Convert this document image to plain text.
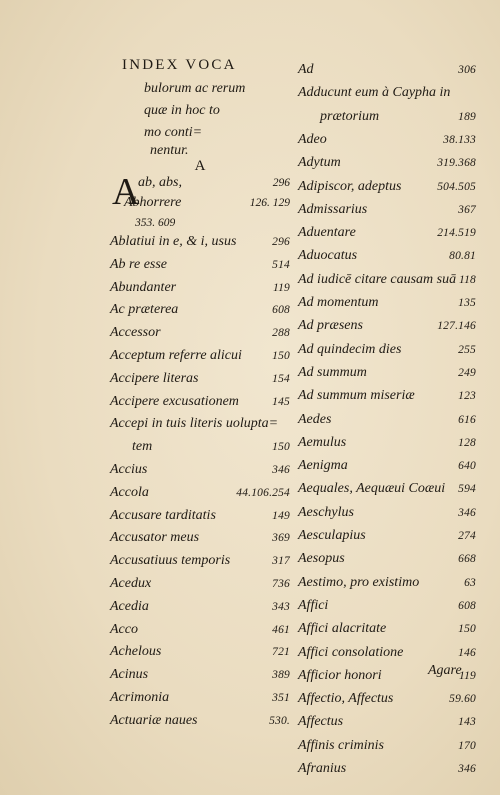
INDEX VOCA
bulorum ac rerum
quæ in hoc to
mo conti=
nentur.
A
A
ab, abs,	296
Abhorrere	126. 129
353. 609
Ablatiui in e, & i, usus	296
Ab re esse	514
Abundanter	119
Ac præterea	608
Accessor	288
Acceptum referre alicui	150
Accipere literas	154
Accipere excusationem	145
Accepi in tuis literis uolupta=
tem	150
Accius	346
Accola	44.106.254
Accusare tarditatis	149
Accusator meus	369
Accusatiuus temporis	317
Acedux	736
Acedia	343
Acco	461
Achelous	721
Acinus	389
Acrimonia	351
Actuariæ naues	530.
Ad	306
Adducunt eum à Caypha in
prætorium	189
Adeo	38.133
Adytum	319.368
Adipiscor, adeptus	504.505
Admissarius	367
Aduentare	214.519
Aduocatus	80.81
Ad iudicē citare causam suā 118
Ad momentum	135
Ad præsens	127.146
Ad quindecim dies	255
Ad summum	249
Ad summum miseriæ	123
Aedes	616
Aemulus	128
Aenigma	640
Aequales, Aequæui Coæui 594
Aeschylus	346
Aesculapius	274
Aesopus	668
Aestimo, pro existimo	63
Affici	608
Affici alacritate	150
Affici consolatione	146
Afficior honori	119
Affectio, Affectus	59.60
Affectus	143
Affinis criminis	170
Afranius	346
Agare
